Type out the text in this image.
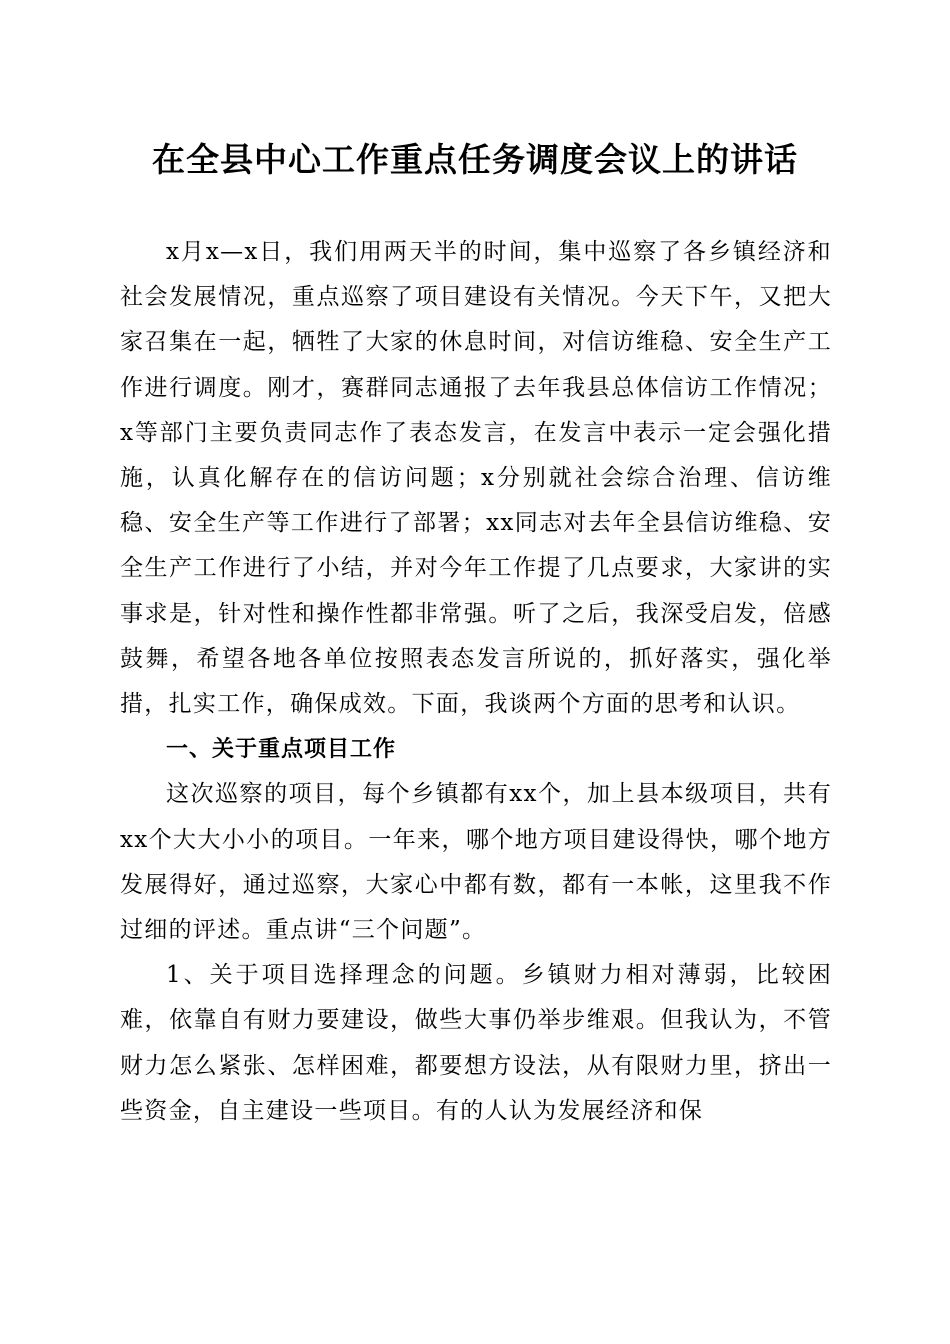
在全县中心工作重点任务调度会议上的讲话

x月x—x日，我们用两天半的时间，集中巡察了各乡镇经济和社会发展情况，重点巡察了项目建设有关情况。今天下午，又把大家召集在一起，牺牲了大家的休息时间，对信访维稳、安全生产工作进行调度。刚才，赛群同志通报了去年我县总体信访工作情况；x等部门主要负责同志作了表态发言，在发言中表示一定会强化措施，认真化解存在的信访问题；x分别就社会综合治理、信访维稳、安全生产等工作进行了部署；xx同志对去年全县信访维稳、安全生产工作进行了小结，并对今年工作提了几点要求，大家讲的实事求是，针对性和操作性都非常强。听了之后，我深受启发，倍感鼓舞，希望各地各单位按照表态发言所说的，抓好落实，强化举措，扎实工作，确保成效。下面，我谈两个方面的思考和认识。

一、关于重点项目工作

这次巡察的项目，每个乡镇都有xx个，加上县本级项目，共有xx个大大小小的项目。一年来，哪个地方项目建设得快，哪个地方发展得好，通过巡察，大家心中都有数，都有一本帐，这里我不作过细的评述。重点讲“三个问题”。

1、关于项目选择理念的问题。乡镇财力相对薄弱，比较困难，依靠自有财力要建设，做些大事仍举步维艰。但我认为，不管财力怎么紧张、怎样困难，都要想方设法，从有限财力里，挤出一些资金，自主建设一些项目。有的人认为发展经济和保
